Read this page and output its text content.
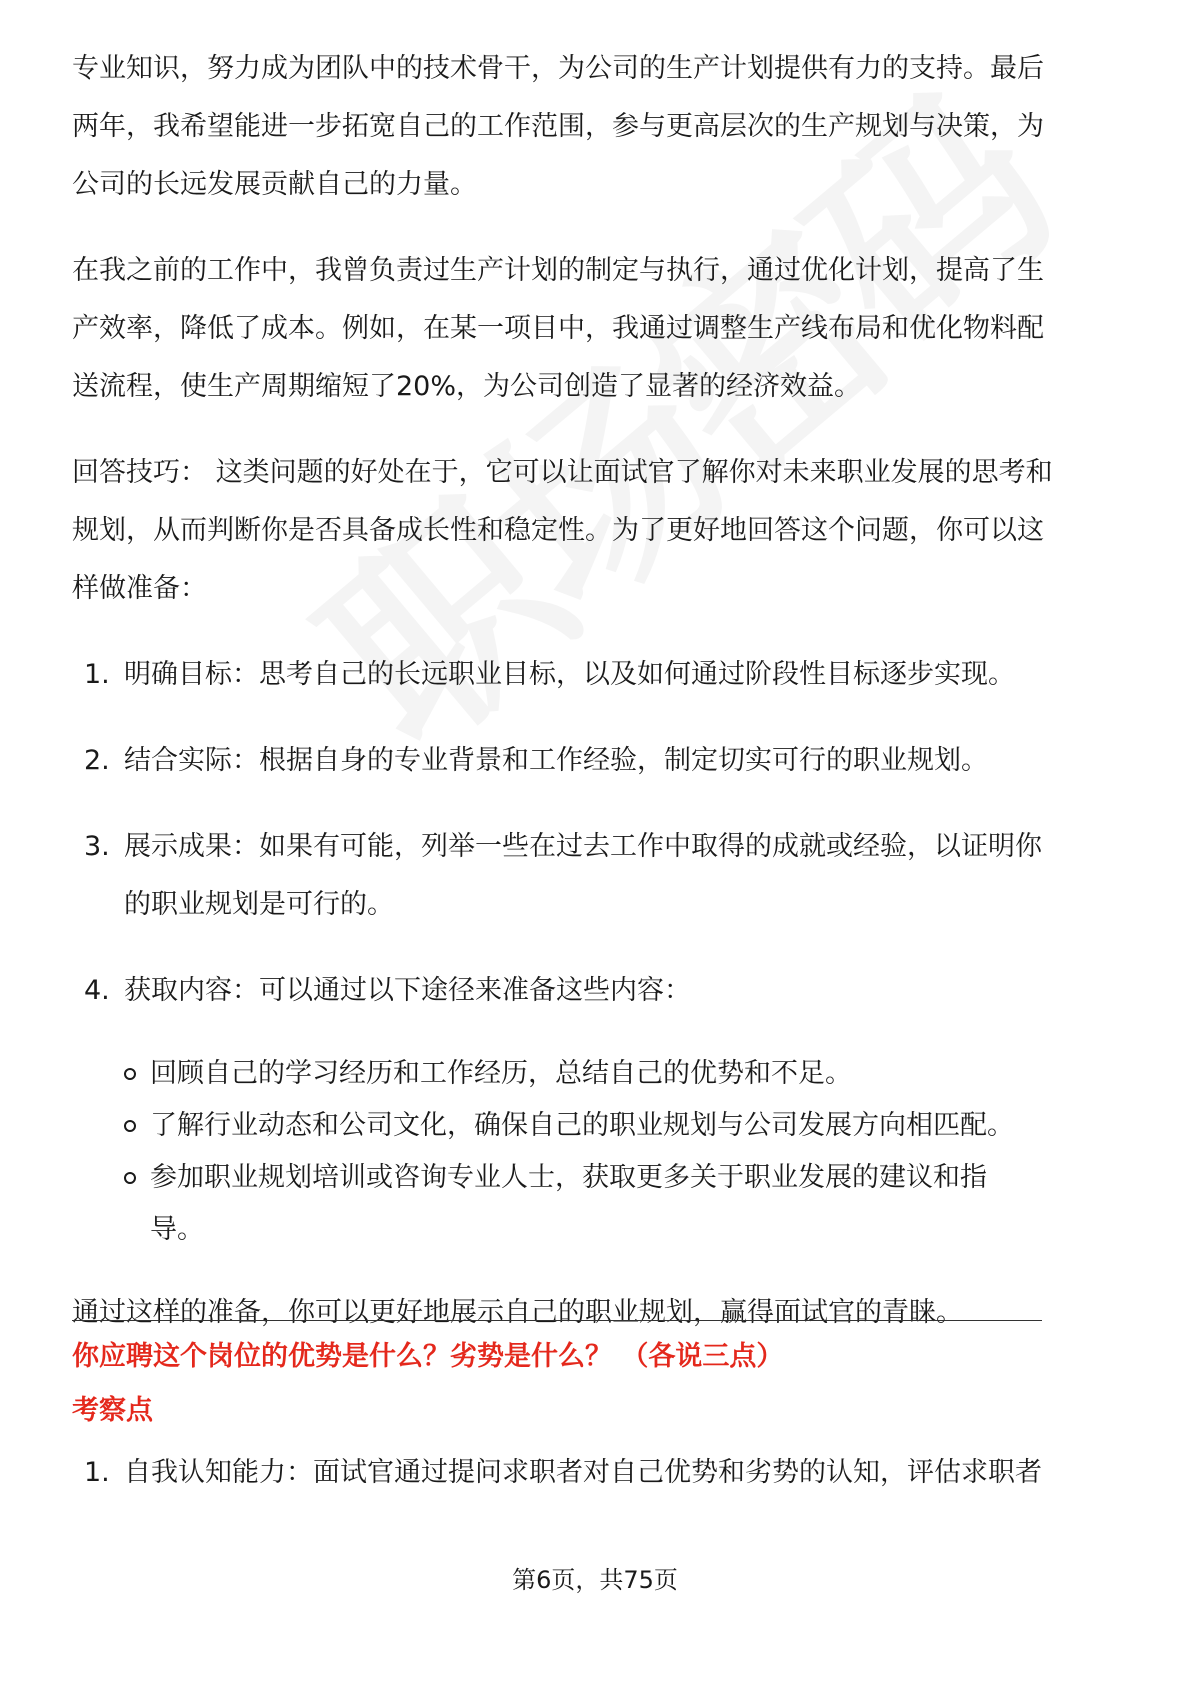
专业知识，努力成为团队中的技术骨干，为公司的生产计划提供有力的支持。最后
两年，我希望能进一步拓宽自己的工作范围，参与更高层次的生产规划与决策，为
公司的长远发展贡献自己的力量。

在我之前的工作中，我曾负责过生产计划的制定与执行，通过优化计划，提高了生
产效率，降低了成本。例如，在某一项目中，我通过调整生产线布局和优化物料配
送流程，使生产周期缩短了20%，为公司创造了显著的经济效益。

回答技巧： 这类问题的好处在于，它可以让面试官了解你对未来职业发展的思考和
规划，从而判断你是否具备成长性和稳定性。为了更好地回答这个问题，你可以这
样做准备：

1. 明确目标：思考自己的长远职业目标，以及如何通过阶段性目标逐步实现。
2. 结合实际：根据自身的专业背景和工作经验，制定切实可行的职业规划。
3. 展示成果：如果有可能，列举一些在过去工作中取得的成就或经验，以证明你
的职业规划是可行的。
4. 获取内容：可以通过以下途径来准备这些内容：
回顾自己的学习经历和工作经历，总结自己的优势和不足。
了解行业动态和公司文化，确保自己的职业规划与公司发展方向相匹配。
参加职业规划培训或咨询专业人士，获取更多关于职业发展的建议和指
导。

通过这样的准备，你可以更好地展示自己的职业规划，赢得面试官的青睐。

你应聘这个岗位的优势是什么？劣势是什么？ （各说三点）
考察点
1. 自我认知能力：面试官通过提问求职者对自己优势和劣势的认知，评估求职者
第6页，共75页
